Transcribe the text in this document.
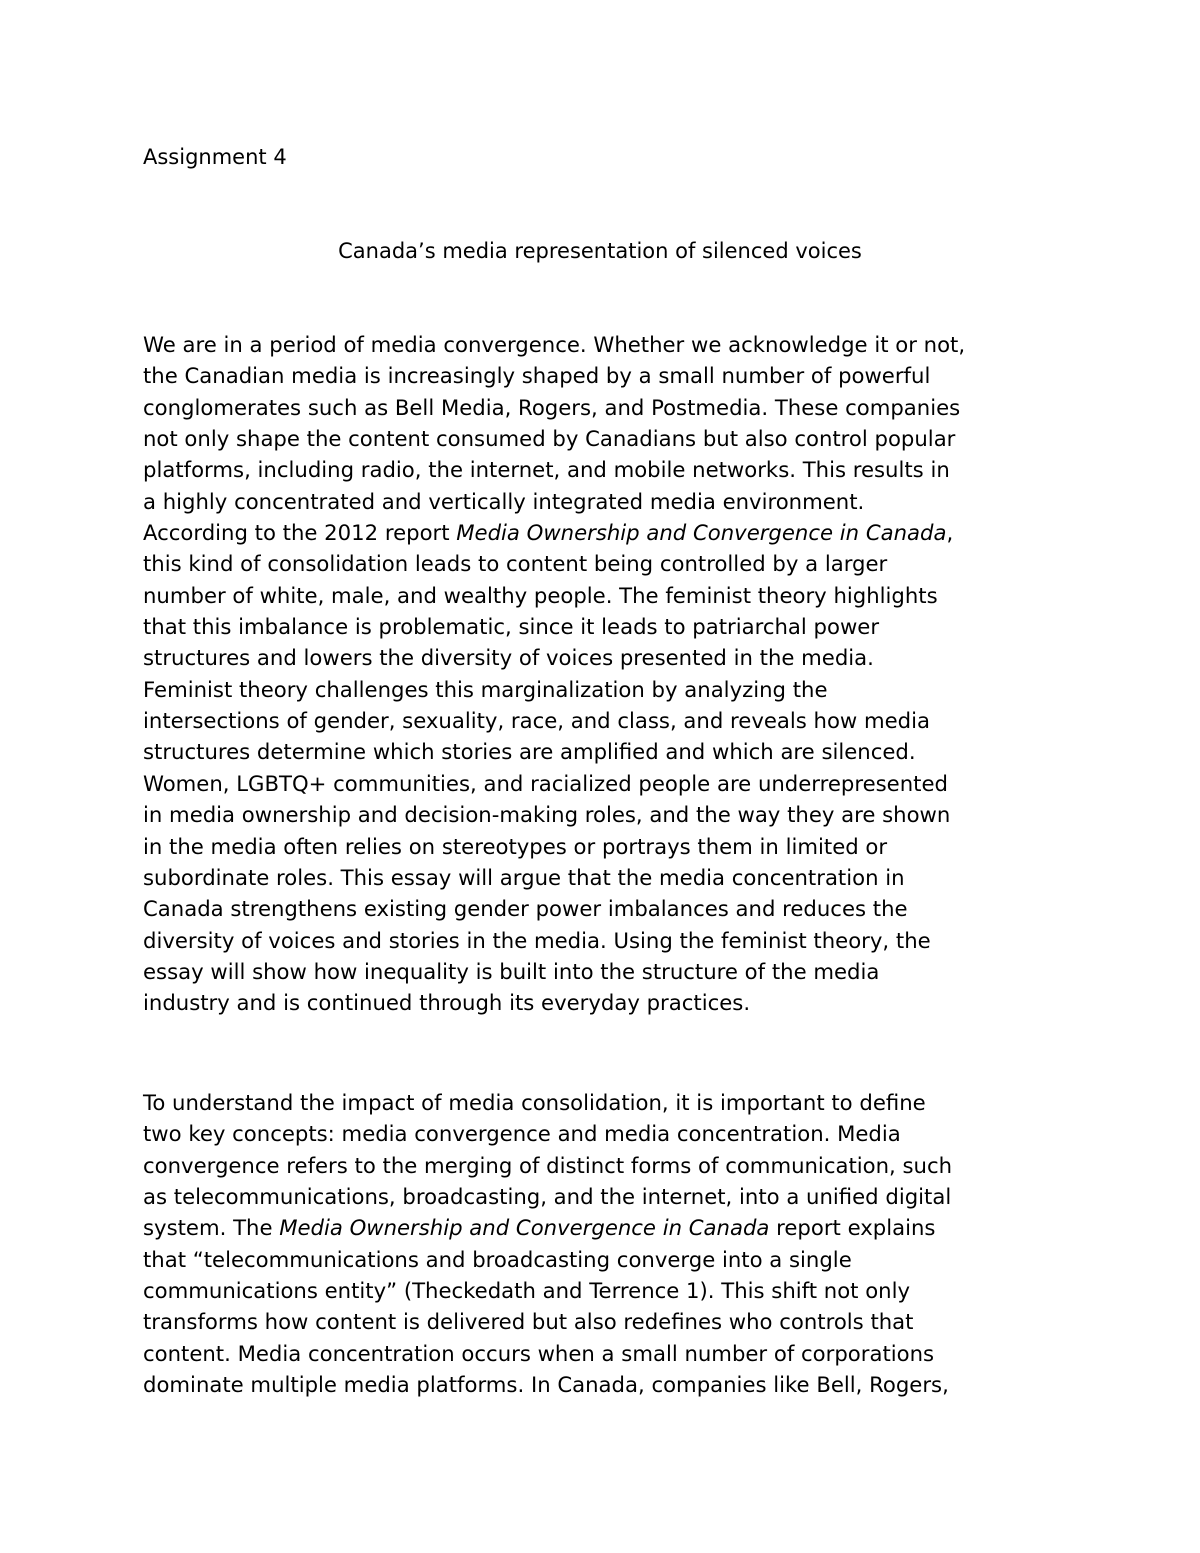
Assignment 4
Canada’s media representation of silenced voices
We are in a period of media convergence. Whether we acknowledge it or not,
the Canadian media is increasingly shaped by a small number of powerful
conglomerates such as Bell Media, Rogers, and Postmedia. These companies
not only shape the content consumed by Canadians but also control popular
platforms, including radio, the internet, and mobile networks. This results in
a highly concentrated and vertically integrated media environment.
According to the 2012 report Media Ownership and Convergence in Canada,
this kind of consolidation leads to content being controlled by a larger
number of white, male, and wealthy people. The feminist theory highlights
that this imbalance is problematic, since it leads to patriarchal power
structures and lowers the diversity of voices presented in the media.
Feminist theory challenges this marginalization by analyzing the
intersections of gender, sexuality, race, and class, and reveals how media
structures determine which stories are amplified and which are silenced.
Women, LGBTQ+ communities, and racialized people are underrepresented
in media ownership and decision-making roles, and the way they are shown
in the media often relies on stereotypes or portrays them in limited or
subordinate roles. This essay will argue that the media concentration in
Canada strengthens existing gender power imbalances and reduces the
diversity of voices and stories in the media. Using the feminist theory, the
essay will show how inequality is built into the structure of the media
industry and is continued through its everyday practices.
To understand the impact of media consolidation, it is important to define
two key concepts: media convergence and media concentration. Media
convergence refers to the merging of distinct forms of communication, such
as telecommunications, broadcasting, and the internet, into a unified digital
system. The Media Ownership and Convergence in Canada report explains
that “telecommunications and broadcasting converge into a single
communications entity” (Theckedath and Terrence 1). This shift not only
transforms how content is delivered but also redefines who controls that
content. Media concentration occurs when a small number of corporations
dominate multiple media platforms. In Canada, companies like Bell, Rogers,
